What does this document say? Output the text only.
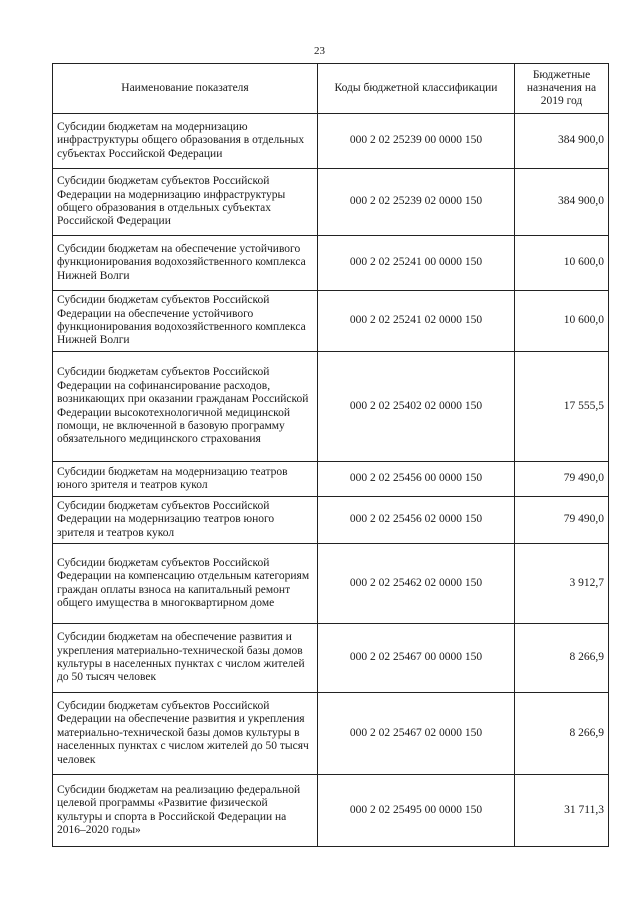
23
Наименование показателя	Коды бюджетной классификации	Бюджетные назначения на 2019 год
Субсидии бюджетам на модернизацию инфраструктуры общего образования в отдельных субъектах Российской Федерации	000 2 02 25239 00 0000 150	384 900,0
Субсидии бюджетам субъектов Российской Федерации на модернизацию инфраструктуры общего образования в отдельных субъектах Российской Федерации	000 2 02 25239 02 0000 150	384 900,0
Субсидии бюджетам на обеспечение устойчивого функционирования водохозяйственного комплекса Нижней Волги	000 2 02 25241 00 0000 150	10 600,0
Субсидии бюджетам субъектов Российской Федерации на обеспечение устойчивого функционирования водохозяйственного комплекса Нижней Волги	000 2 02 25241 02 0000 150	10 600,0
Субсидии бюджетам субъектов Российской Федерации на софинансирование расходов, возникающих при оказании гражданам Российской Федерации высокотехнологичной медицинской помощи, не включенной в базовую программу обязательного медицинского страхования	000 2 02 25402 02 0000 150	17 555,5
Субсидии бюджетам на модернизацию театров юного зрителя и театров кукол	000 2 02 25456 00 0000 150	79 490,0
Субсидии бюджетам субъектов Российской Федерации на модернизацию театров юного зрителя и театров кукол	000 2 02 25456 02 0000 150	79 490,0
Субсидии бюджетам субъектов Российской Федерации на компенсацию отдельным категориям граждан оплаты взноса на капитальный ремонт общего имущества в многоквартирном доме	000 2 02 25462 02 0000 150	3 912,7
Субсидии бюджетам на обеспечение развития и укрепления материально-технической базы домов культуры в населенных пунктах с числом жителей до 50 тысяч человек	000 2 02 25467 00 0000 150	8 266,9
Субсидии бюджетам субъектов Российской Федерации на обеспечение развития и укрепления материально-технической базы домов культуры в населенных пунктах с числом жителей до 50 тысяч человек	000 2 02 25467 02 0000 150	8 266,9
Субсидии бюджетам на реализацию федеральной целевой программы «Развитие физической культуры и спорта в Российской Федерации на 2016–2020 годы»	000 2 02 25495 00 0000 150	31 711,3
